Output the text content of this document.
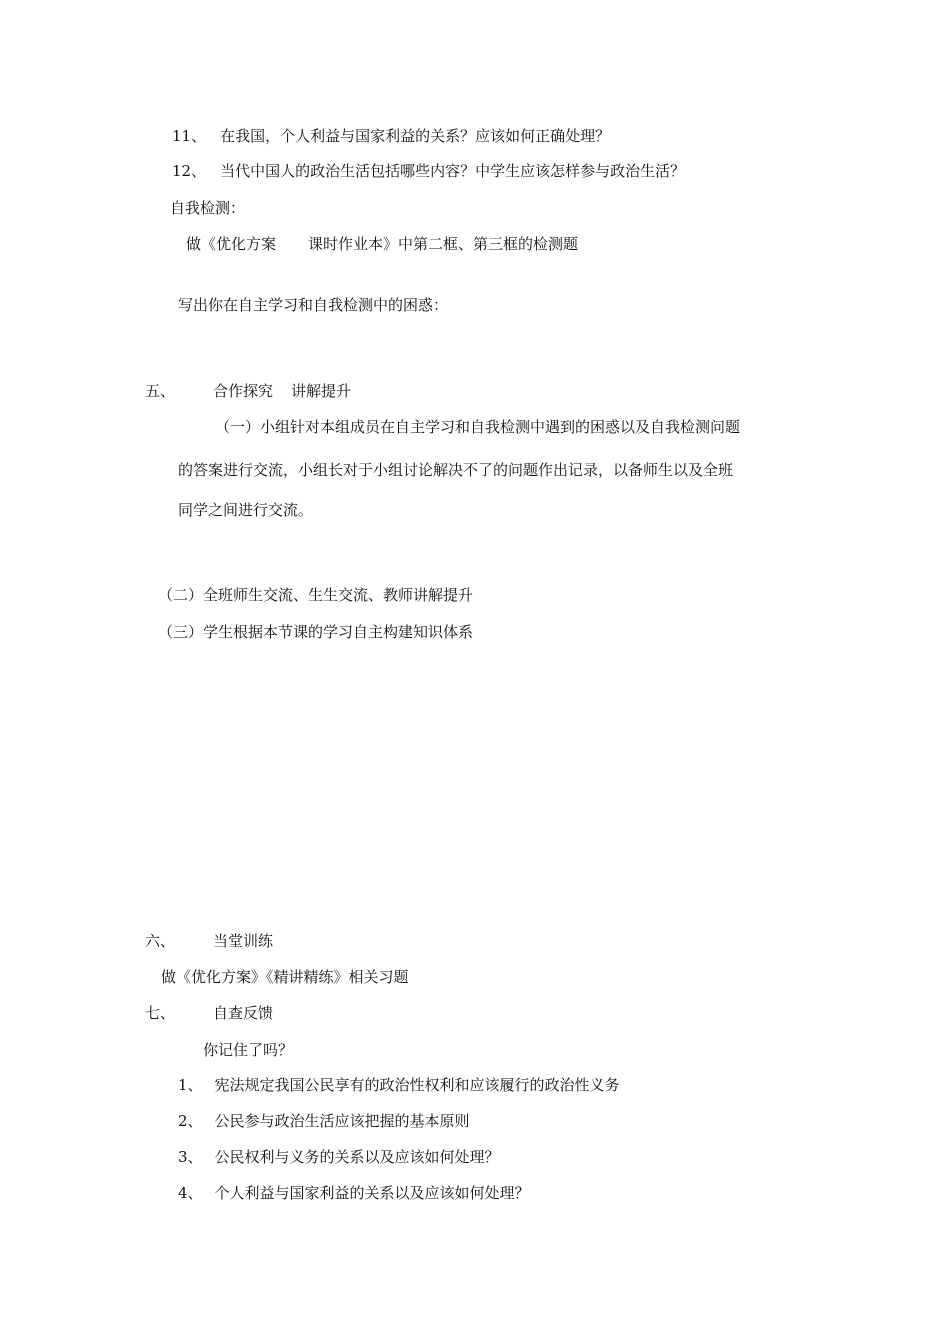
11、 在我国，个人利益与国家利益的关系？应该如何正确处理？
12、 当代中国人的政治生活包括哪些内容？中学生应该怎样参与政治生活？
自我检测：
做《优化方案 课时作业本》中第二框、第三框的检测题
写出你在自主学习和自我检测中的困惑：
五、	合作探究 讲解提升
（一）小组针对本组成员在自主学习和自我检测中遇到的困惑以及自我检测问题
的答案进行交流，小组长对于小组讨论解决不了的问题作出记录，以备师生以及全班
同学之间进行交流。
（二）全班师生交流、生生交流、教师讲解提升
（三）学生根据本节课的学习自主构建知识体系
六、	当堂训练
做《优化方案》《精讲精练》相关习题
七、	自查反馈
你记住了吗？
1、 宪法规定我国公民享有的政治性权利和应该履行的政治性义务
2、 公民参与政治生活应该把握的基本原则
3、 公民权利与义务的关系以及应该如何处理？
4、 个人利益与国家利益的关系以及应该如何处理？
